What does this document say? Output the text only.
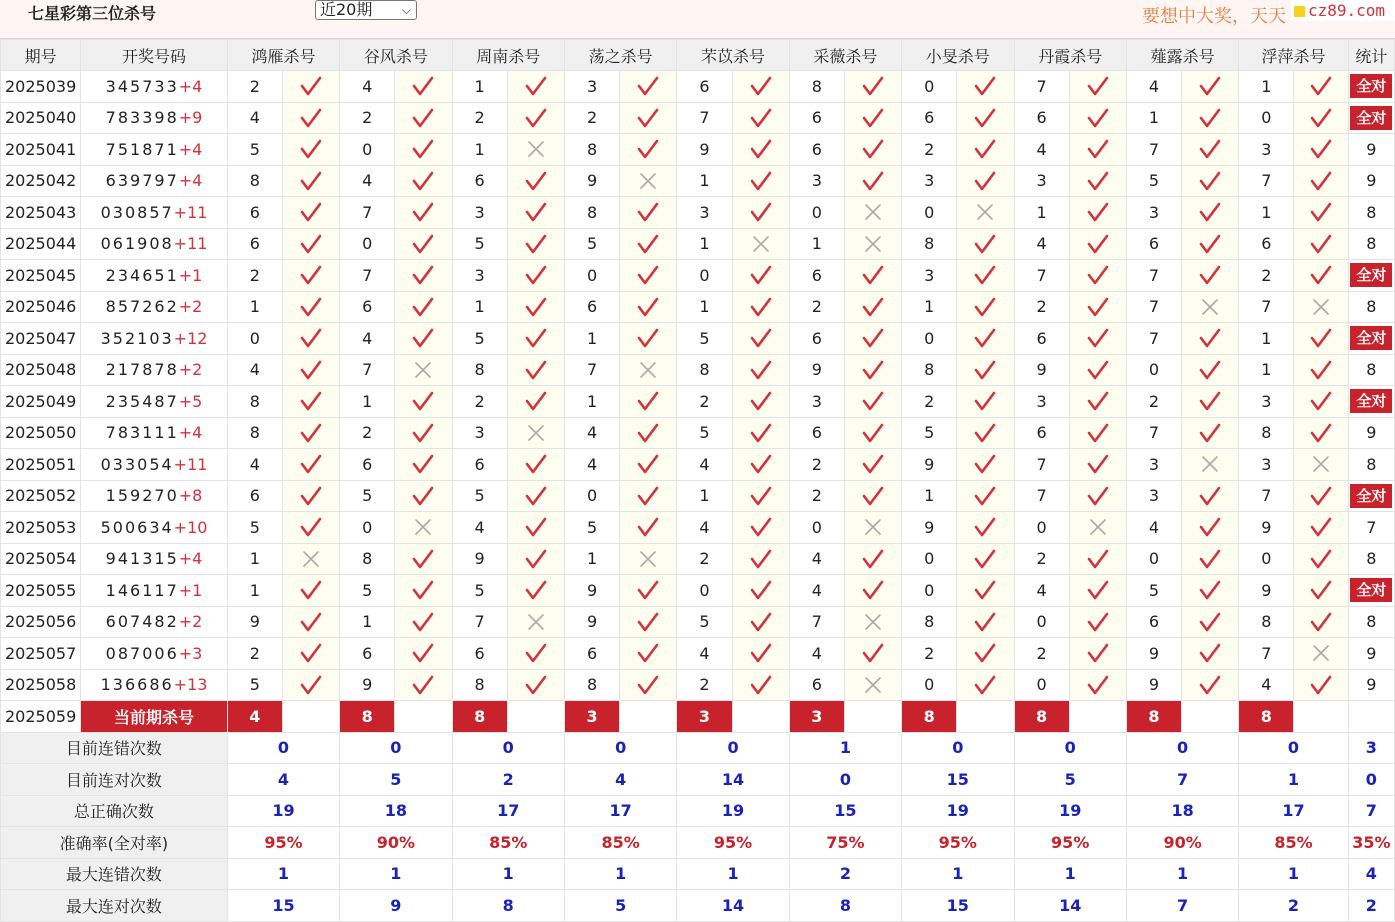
七星彩第三位杀号	近20期 ⌵	要想中大奖，天天	cz89.com
期号	开奖号码	鸿雁杀号		谷风杀号		周南杀号		荡之杀号		芣苡杀号		采薇杀号		小旻杀号		丹霞杀号		薤露杀号		浮萍杀号		统计
2025039	345733+4	2		4		1		3		6		8		0		7		4		1		全对
2025040	783398+9	4		2		2		2		7		6		6		6		1		0		全对
2025041	751871+4	5		0		1		8		9		6		2		4		7		3		9
2025042	639797+4	8		4		6		9		1		3		3		3		5		7		9
2025043	030857+11	6		7		3		8		3		0		0		1		3		1		8
2025044	061908+11	6		0		5		5		1		1		8		4		6		6		8
2025045	234651+1	2		7		3		0		0		6		3		7		7		2		全对
2025046	857262+2	1		6		1		6		1		2		1		2		7		7		8
2025047	352103+12	0		4		5		1		5		6		0		6		7		1		全对
2025048	217878+2	4		7		8		7		8		9		8		9		0		1		8
2025049	235487+5	8		1		2		1		2		3		2		3		2		3		全对
2025050	783111+4	8		2		3		4		5		6		5		6		7		8		9
2025051	033054+11	4		6		6		4		4		2		9		7		3		3		8
2025052	159270+8	6		5		5		0		1		2		1		7		3		7		全对
2025053	500634+10	5		0		4		5		4		0		9		0		4		9		7
2025054	941315+4	1		8		9		1		2		4		0		2		0		0		8
2025055	146117+1	1		5		5		9		0		4		0		4		5		9		全对
2025056	607482+2	9		1		7		9		5		7		8		0		6		8		8
2025057	087006+3	2		6		6		6		4		4		2		2		9		7		9
2025058	136686+13	5		9		8		8		2		6		0		0		9		4		9
2025059	当前期杀号	4		8		8		3		3		3		8		8		8		8		
目前连错次数		0		0		0		0		0		1		0		0		0		0		3
目前连对次数		4		5		2		4		14		0		15		5		7		1		0
总正确次数		19		18		17		17		19		15		19		19		18		17		7
准确率(全对率)		95%		90%		85%		85%		95%		75%		95%		95%		90%		85%		35%
最大连错次数		1		1		1		1		1		2		1		1		1		1		4
最大连对次数		15		9		8		5		14		8		15		14		7		2		2
